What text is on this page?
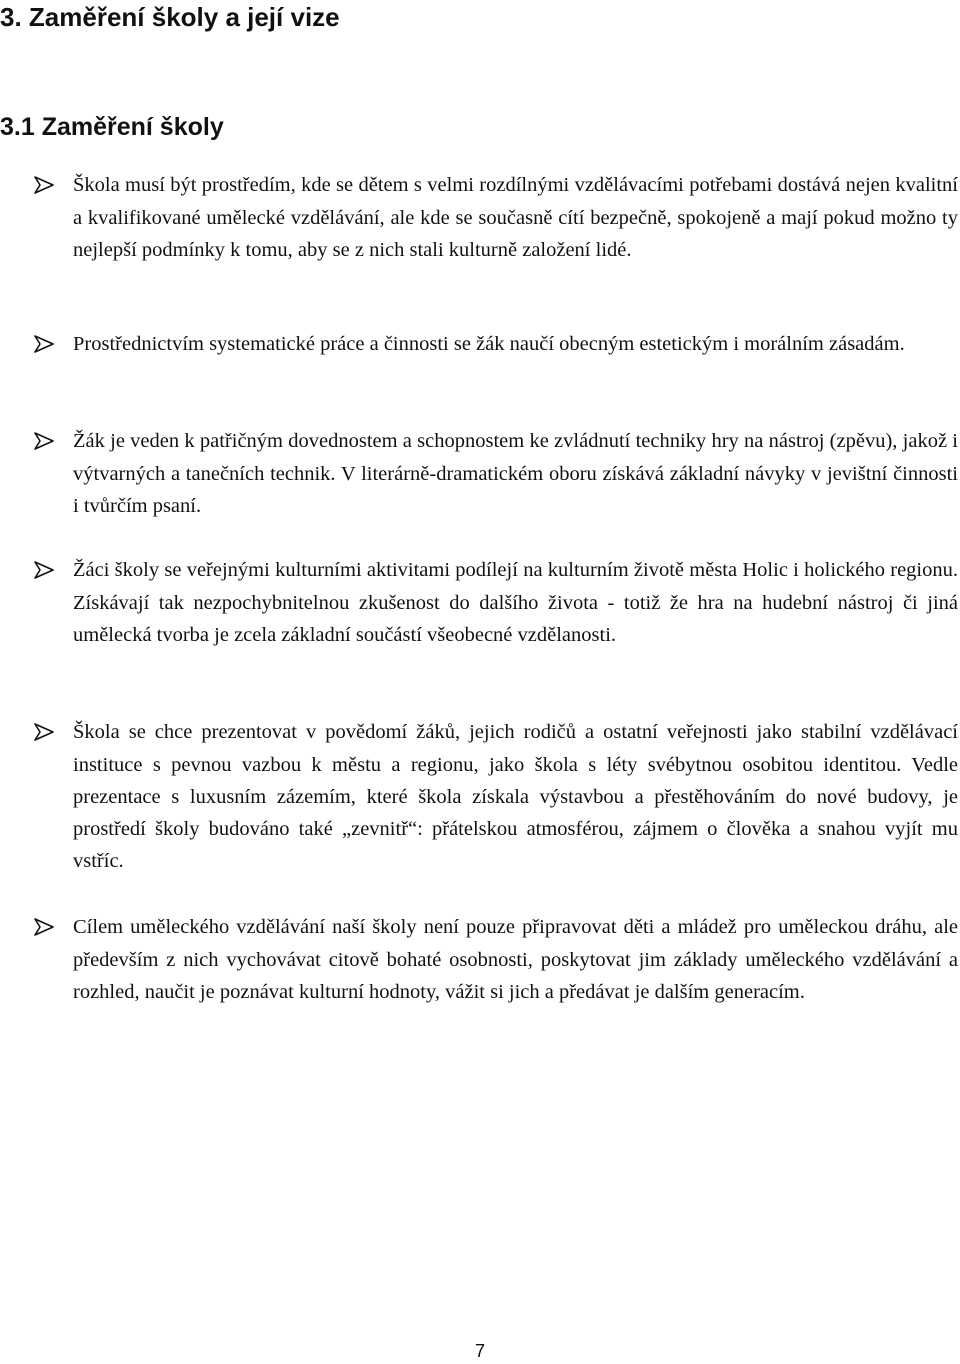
3. Zaměření školy a její vize
3.1 Zaměření školy

Škola musí být prostředím, kde se dětem s velmi rozdílnými vzdělávacími potřebami dostává nejen kvalitní a kvalifikované umělecké vzdělávání, ale kde se současně cítí bezpečně, spokojeně a mají pokud možno ty nejlepší podmínky k tomu, aby se z nich stali kulturně založení lidé.

Prostřednictvím systematické práce a činnosti se žák naučí obecným estetickým i morálním zásadám.

Žák je veden k patřičným dovednostem a schopnostem ke zvládnutí techniky hry na nástroj (zpěvu), jakož i výtvarných a tanečních technik. V literárně-dramatickém oboru získává základní návyky v jevištní činnosti i tvůrčím psaní.

Žáci školy se veřejnými kulturními aktivitami podílejí na kulturním životě města Holic i holického regionu. Získávají tak nezpochybnitelnou zkušenost do dalšího života - totiž že hra na hudební nástroj či jiná umělecká tvorba je zcela základní součástí všeobecné vzdělanosti.

Škola se chce prezentovat v povědomí žáků, jejich rodičů a ostatní veřejnosti jako stabilní vzdělávací instituce s pevnou vazbou k městu a regionu, jako škola s léty svébytnou osobitou identitou. Vedle prezentace s luxusním zázemím, které škola získala výstavbou a přestěhováním do nové budovy, je prostředí školy budováno také „zevnitř“: přátelskou atmosférou, zájmem o člověka a snahou vyjít mu vstříc.

Cílem uměleckého vzdělávání naší školy není pouze připravovat děti a mládež pro uměleckou dráhu, ale především z nich vychovávat citově bohaté osobnosti, poskytovat jim základy uměleckého vzdělávání a rozhled, naučit je poznávat kulturní hodnoty, vážit si jich a předávat je dalším generacím.

7
